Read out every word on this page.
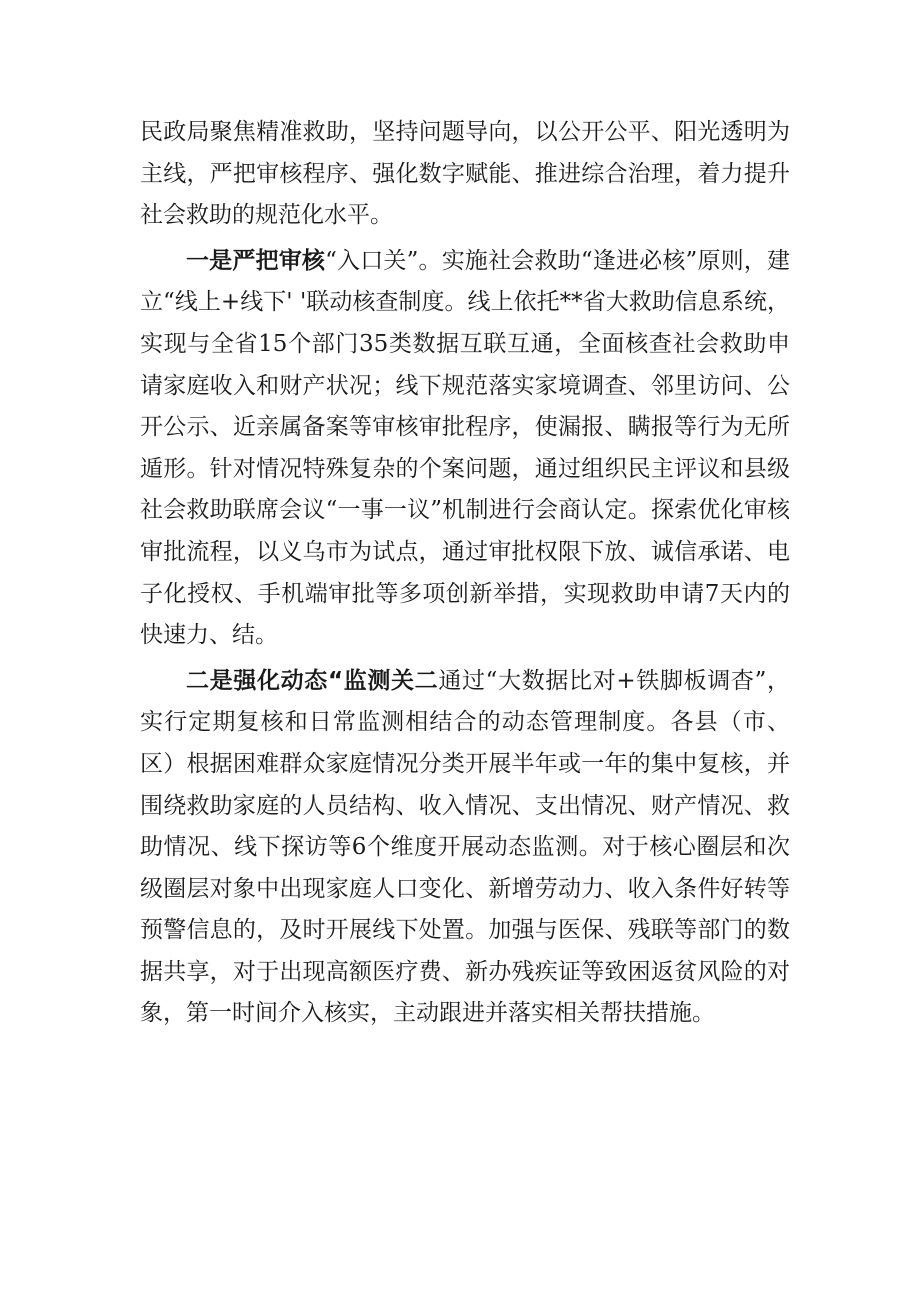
民政局聚焦精准救助，坚持问题导向，以公开公平、阳光透明为主线，严把审核程序、强化数字赋能、推进综合治理，着力提升社会救助的规范化水平。

一是严把审核“入口关”。实施社会救助“逢进必核”原则，建立“线上+线下' '联动核查制度。线上依托**省大救助信息系统，实现与全省15个部门35类数据互联互通，全面核查社会救助申请家庭收入和财产状况；线下规范落实家境调查、邻里访问、公开公示、近亲属备案等审核审批程序，使漏报、瞒报等行为无所遁形。针对情况特殊复杂的个案问题，通过组织民主评议和县级社会救助联席会议“一事一议”机制进行会商认定。探索优化审核审批流程，以义乌市为试点，通过审批权限下放、诚信承诺、电子化授权、手机端审批等多项创新举措，实现救助申请7天内的快速力、结。

二是强化动态“监测关二通过“大数据比对+铁脚板调杳”，实行定期复核和日常监测相结合的动态管理制度。各县（市、区）根据困难群众家庭情况分类开展半年或一年的集中复核，并围绕救助家庭的人员结构、收入情况、支出情况、财产情况、救助情况、线下探访等6个维度开展动态监测。对于核心圈层和次级圈层对象中出现家庭人口变化、新增劳动力、收入条件好转等预警信息的，及时开展线下处置。加强与医保、残联等部门的数据共享，对于出现高额医疗费、新办残疾证等致困返贫风险的对象，第一时间介入核实，主动跟进并落实相关帮扶措施。
